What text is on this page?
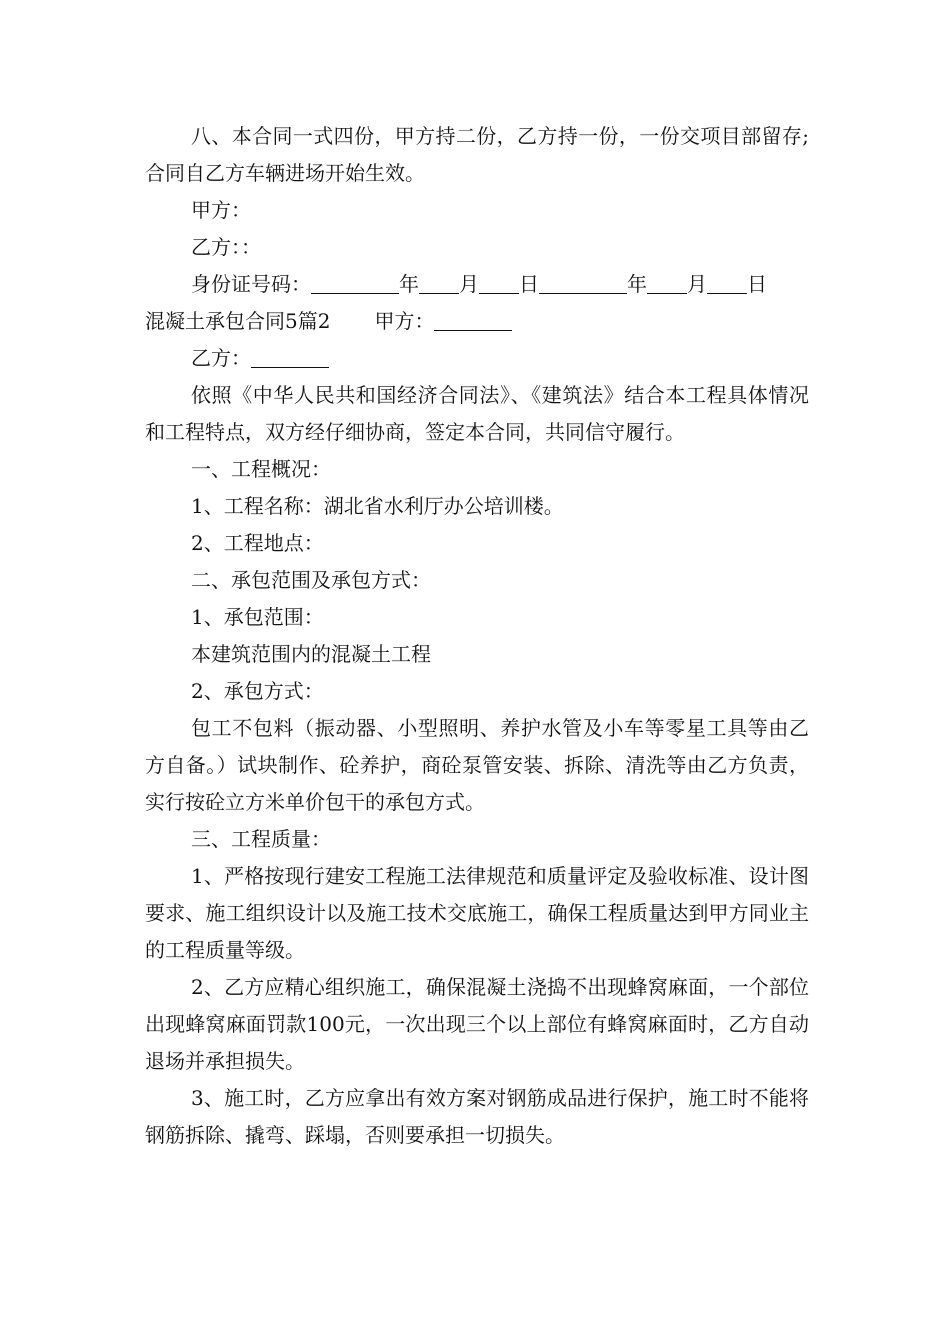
八、本合同一式四份，甲方持二份，乙方持一份，一份交项目部留存;合同自乙方车辆进场开始生效。

甲方：

乙方：：

身份证号码：	年 月 日	年 月 日

混凝土承包合同5篇2 甲方：

乙方：

依照《中华人民共和国经济合同法》、《建筑法》结合本工程具体情况和工程特点，双方经仔细协商，签定本合同，共同信守履行。

一、工程概况：

1、工程名称：湖北省水利厅办公培训楼。

2、工程地点：

二、承包范围及承包方式：

1、承包范围：

本建筑范围内的混凝土工程

2、承包方式：

包工不包料（振动器、小型照明、养护水管及小车等零星工具等由乙方自备。）试块制作、砼养护，商砼泵管安装、拆除、清洗等由乙方负责，实行按砼立方米单价包干的承包方式。

三、工程质量：

1、严格按现行建安工程施工法律规范和质量评定及验收标准、设计图要求、施工组织设计以及施工技术交底施工，确保工程质量达到甲方同业主的工程质量等级。

2、乙方应精心组织施工，确保混凝土浇捣不出现蜂窝麻面，一个部位出现蜂窝麻面罚款100元，一次出现三个以上部位有蜂窝麻面时，乙方自动退场并承担损失。

3、施工时，乙方应拿出有效方案对钢筋成品进行保护，施工时不能将钢筋拆除、撬弯、踩塌，否则要承担一切损失。
